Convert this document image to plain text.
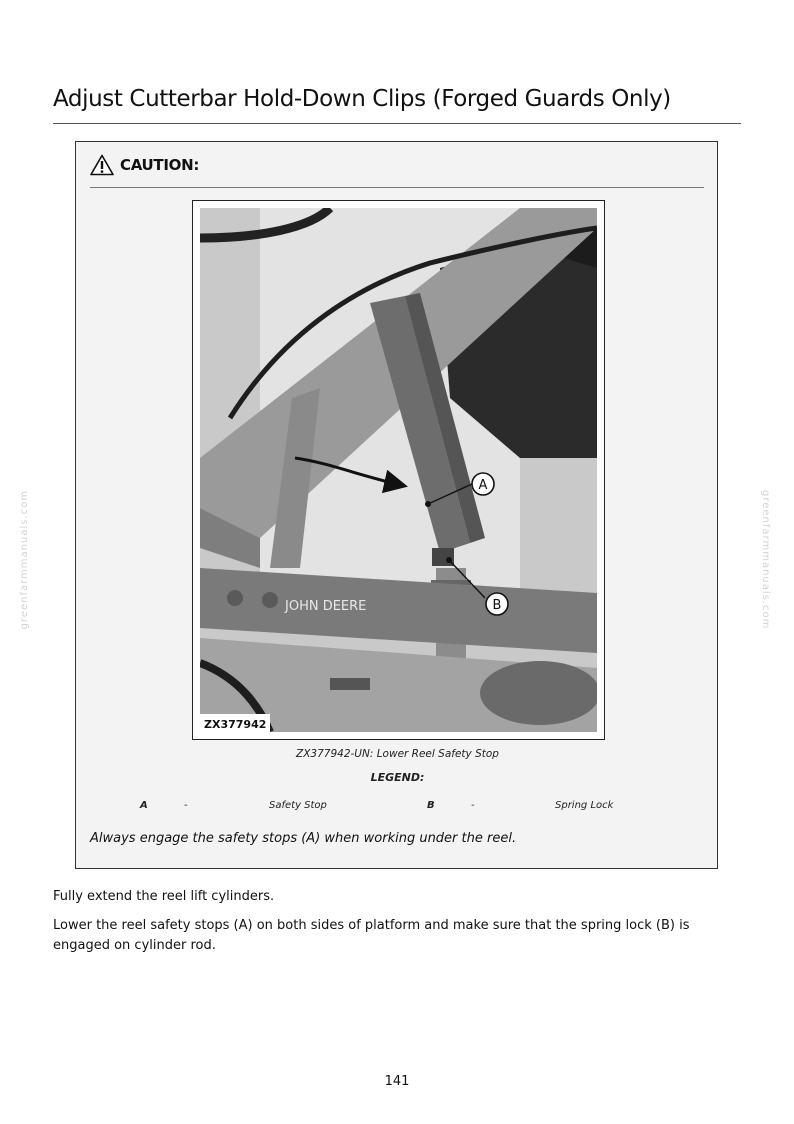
Adjust Cutterbar Hold-Down Clips (Forged Guards Only)
CAUTION:
JOHN DEERE
A
B
ZX377942
ZX377942-UN: Lower Reel Safety Stop
LEGEND:
A	-	Safety Stop	B	-	Spring Lock
Always engage the safety stops (A) when working under the reel.
Fully extend the reel lift cylinders.
Lower the reel safety stops (A) on both sides of platform and make sure that the spring lock (B) is engaged on cylinder rod.
greenfarmmanuals.com	greenfarmmanuals.com
141
